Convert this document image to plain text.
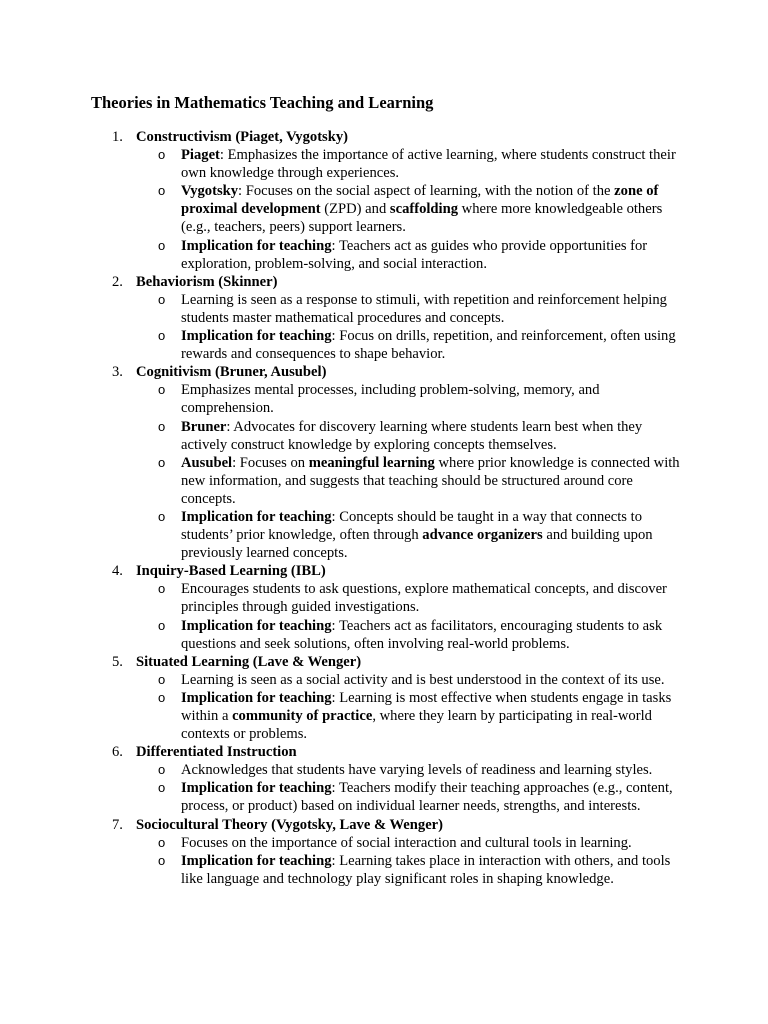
Theories in Mathematics Teaching and Learning
1. Constructivism (Piaget, Vygotsky)
o Piaget: Emphasizes the importance of active learning, where students construct their own knowledge through experiences.
o Vygotsky: Focuses on the social aspect of learning, with the notion of the zone of proximal development (ZPD) and scaffolding where more knowledgeable others (e.g., teachers, peers) support learners.
o Implication for teaching: Teachers act as guides who provide opportunities for exploration, problem-solving, and social interaction.
2. Behaviorism (Skinner)
o Learning is seen as a response to stimuli, with repetition and reinforcement helping students master mathematical procedures and concepts.
o Implication for teaching: Focus on drills, repetition, and reinforcement, often using rewards and consequences to shape behavior.
3. Cognitivism (Bruner, Ausubel)
o Emphasizes mental processes, including problem-solving, memory, and comprehension.
o Bruner: Advocates for discovery learning where students learn best when they actively construct knowledge by exploring concepts themselves.
o Ausubel: Focuses on meaningful learning where prior knowledge is connected with new information, and suggests that teaching should be structured around core concepts.
o Implication for teaching: Concepts should be taught in a way that connects to students’ prior knowledge, often through advance organizers and building upon previously learned concepts.
4. Inquiry-Based Learning (IBL)
o Encourages students to ask questions, explore mathematical concepts, and discover principles through guided investigations.
o Implication for teaching: Teachers act as facilitators, encouraging students to ask questions and seek solutions, often involving real-world problems.
5. Situated Learning (Lave & Wenger)
o Learning is seen as a social activity and is best understood in the context of its use.
o Implication for teaching: Learning is most effective when students engage in tasks within a community of practice, where they learn by participating in real-world contexts or problems.
6. Differentiated Instruction
o Acknowledges that students have varying levels of readiness and learning styles.
o Implication for teaching: Teachers modify their teaching approaches (e.g., content, process, or product) based on individual learner needs, strengths, and interests.
7. Sociocultural Theory (Vygotsky, Lave & Wenger)
o Focuses on the importance of social interaction and cultural tools in learning.
o Implication for teaching: Learning takes place in interaction with others, and tools like language and technology play significant roles in shaping knowledge.
